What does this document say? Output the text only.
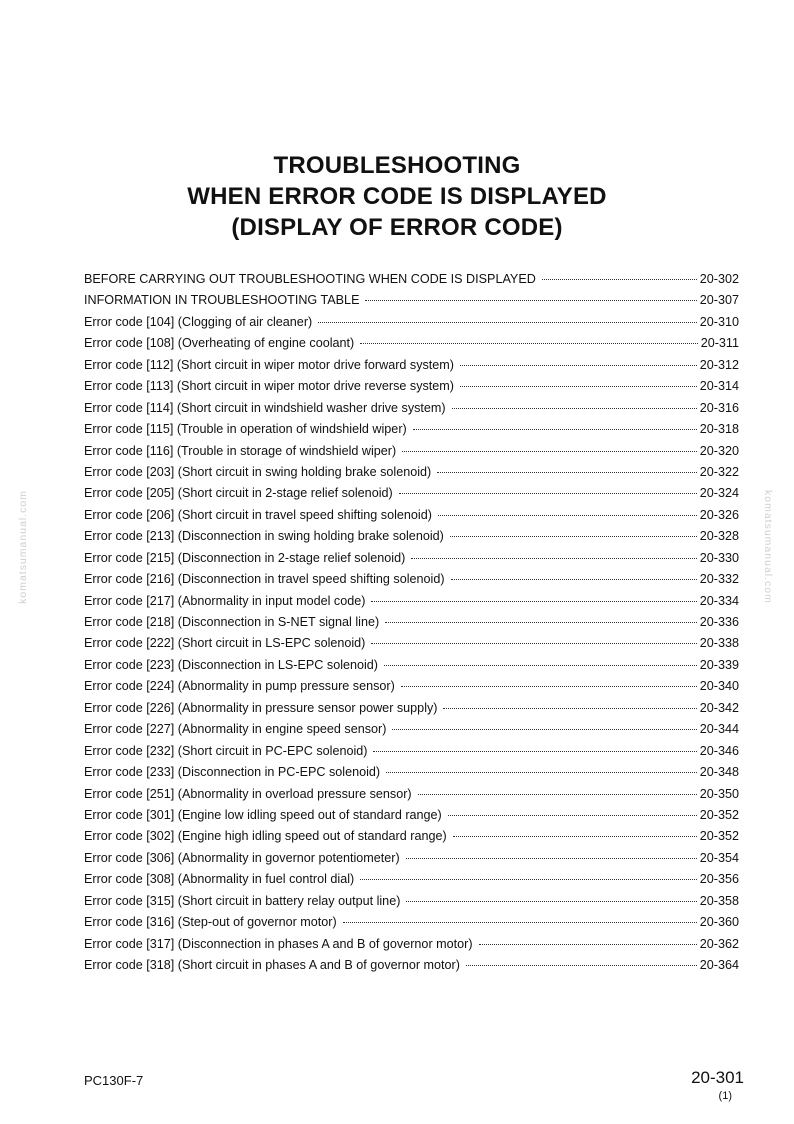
TROUBLESHOOTING
WHEN ERROR CODE IS DISPLAYED
(DISPLAY OF ERROR CODE)
BEFORE CARRYING OUT TROUBLESHOOTING WHEN CODE IS DISPLAYED	20-302
INFORMATION IN TROUBLESHOOTING TABLE	20-307
Error code [104] (Clogging of air cleaner)	20-310
Error code [108] (Overheating of engine coolant)	20-311
Error code [112] (Short circuit in wiper motor drive forward system)	20-312
Error code [113] (Short circuit in wiper motor drive reverse system)	20-314
Error code [114] (Short circuit in windshield washer drive system)	20-316
Error code [115] (Trouble in operation of windshield wiper)	20-318
Error code [116] (Trouble in storage of windshield wiper)	20-320
Error code [203] (Short circuit in swing holding brake solenoid)	20-322
Error code [205] (Short circuit in 2-stage relief solenoid)	20-324
Error code [206] (Short circuit in travel speed shifting solenoid)	20-326
Error code [213] (Disconnection in swing holding brake solenoid)	20-328
Error code [215] (Disconnection in 2-stage relief solenoid)	20-330
Error code [216] (Disconnection in travel speed shifting solenoid)	20-332
Error code [217] (Abnormality in input model code)	20-334
Error code [218] (Disconnection in S-NET signal line)	20-336
Error code [222] (Short circuit in LS-EPC solenoid)	20-338
Error code [223] (Disconnection in LS-EPC solenoid)	20-339
Error code [224] (Abnormality in pump pressure sensor)	20-340
Error code [226] (Abnormality in pressure sensor power supply)	20-342
Error code [227] (Abnormality in engine speed sensor)	20-344
Error code [232] (Short circuit in PC-EPC solenoid)	20-346
Error code [233] (Disconnection in PC-EPC solenoid)	20-348
Error code [251] (Abnormality in overload pressure sensor)	20-350
Error code [301] (Engine low idling speed out of standard range)	20-352
Error code [302] (Engine high idling speed out of standard range)	20-352
Error code [306] (Abnormality in governor potentiometer)	20-354
Error code [308] (Abnormality in fuel control dial)	20-356
Error code [315] (Short circuit in battery relay output line)	20-358
Error code [316] (Step-out of governor motor)	20-360
Error code [317] (Disconnection in phases A and B of governor motor)	20-362
Error code [318] (Short circuit in phases A and B of governor motor)	20-364
komatsumanual.com	komatsumanual.com
PC130F-7	20-301
(1)
